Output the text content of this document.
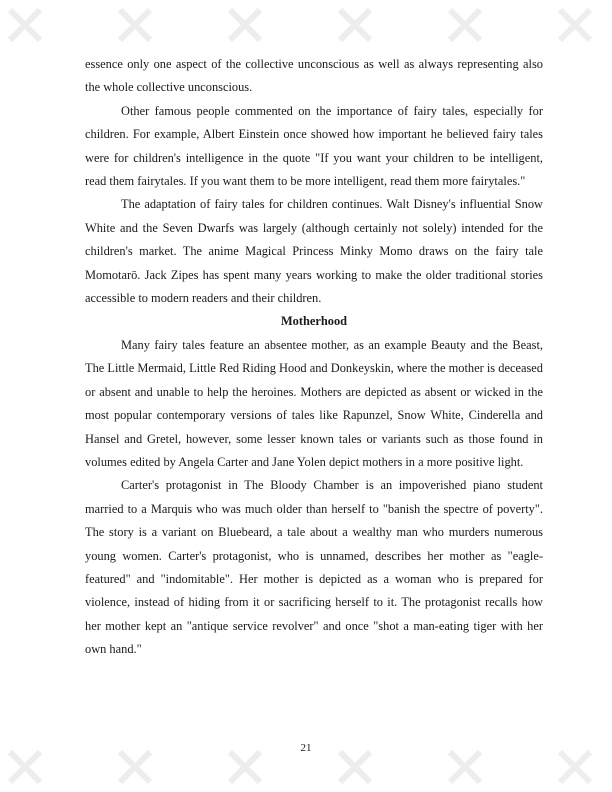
essence only one aspect of the collective unconscious as well as always representing also the whole collective unconscious.

Other famous people commented on the importance of fairy tales, especially for children. For example, Albert Einstein once showed how important he believed fairy tales were for children's intelligence in the quote "If you want your children to be intelligent, read them fairytales. If you want them to be more intelligent, read them more fairytales."

The adaptation of fairy tales for children continues. Walt Disney's influential Snow White and the Seven Dwarfs was largely (although certainly not solely) intended for the children's market. The anime Magical Princess Minky Momo draws on the fairy tale Momotarō. Jack Zipes has spent many years working to make the older traditional stories accessible to modern readers and their children.

Motherhood

Many fairy tales feature an absentee mother, as an example Beauty and the Beast, The Little Mermaid, Little Red Riding Hood and Donkeyskin, where the mother is deceased or absent and unable to help the heroines. Mothers are depicted as absent or wicked in the most popular contemporary versions of tales like Rapunzel, Snow White, Cinderella and Hansel and Gretel, however, some lesser known tales or variants such as those found in volumes edited by Angela Carter and Jane Yolen depict mothers in a more positive light.

Carter's protagonist in The Bloody Chamber is an impoverished piano student married to a Marquis who was much older than herself to "banish the spectre of poverty". The story is a variant on Bluebeard, a tale about a wealthy man who murders numerous young women. Carter's protagonist, who is unnamed, describes her mother as "eagle-featured" and "indomitable". Her mother is depicted as a woman who is prepared for violence, instead of hiding from it or sacrificing herself to it. The protagonist recalls how her mother kept an "antique service revolver" and once "shot a man-eating tiger with her own hand."

21
